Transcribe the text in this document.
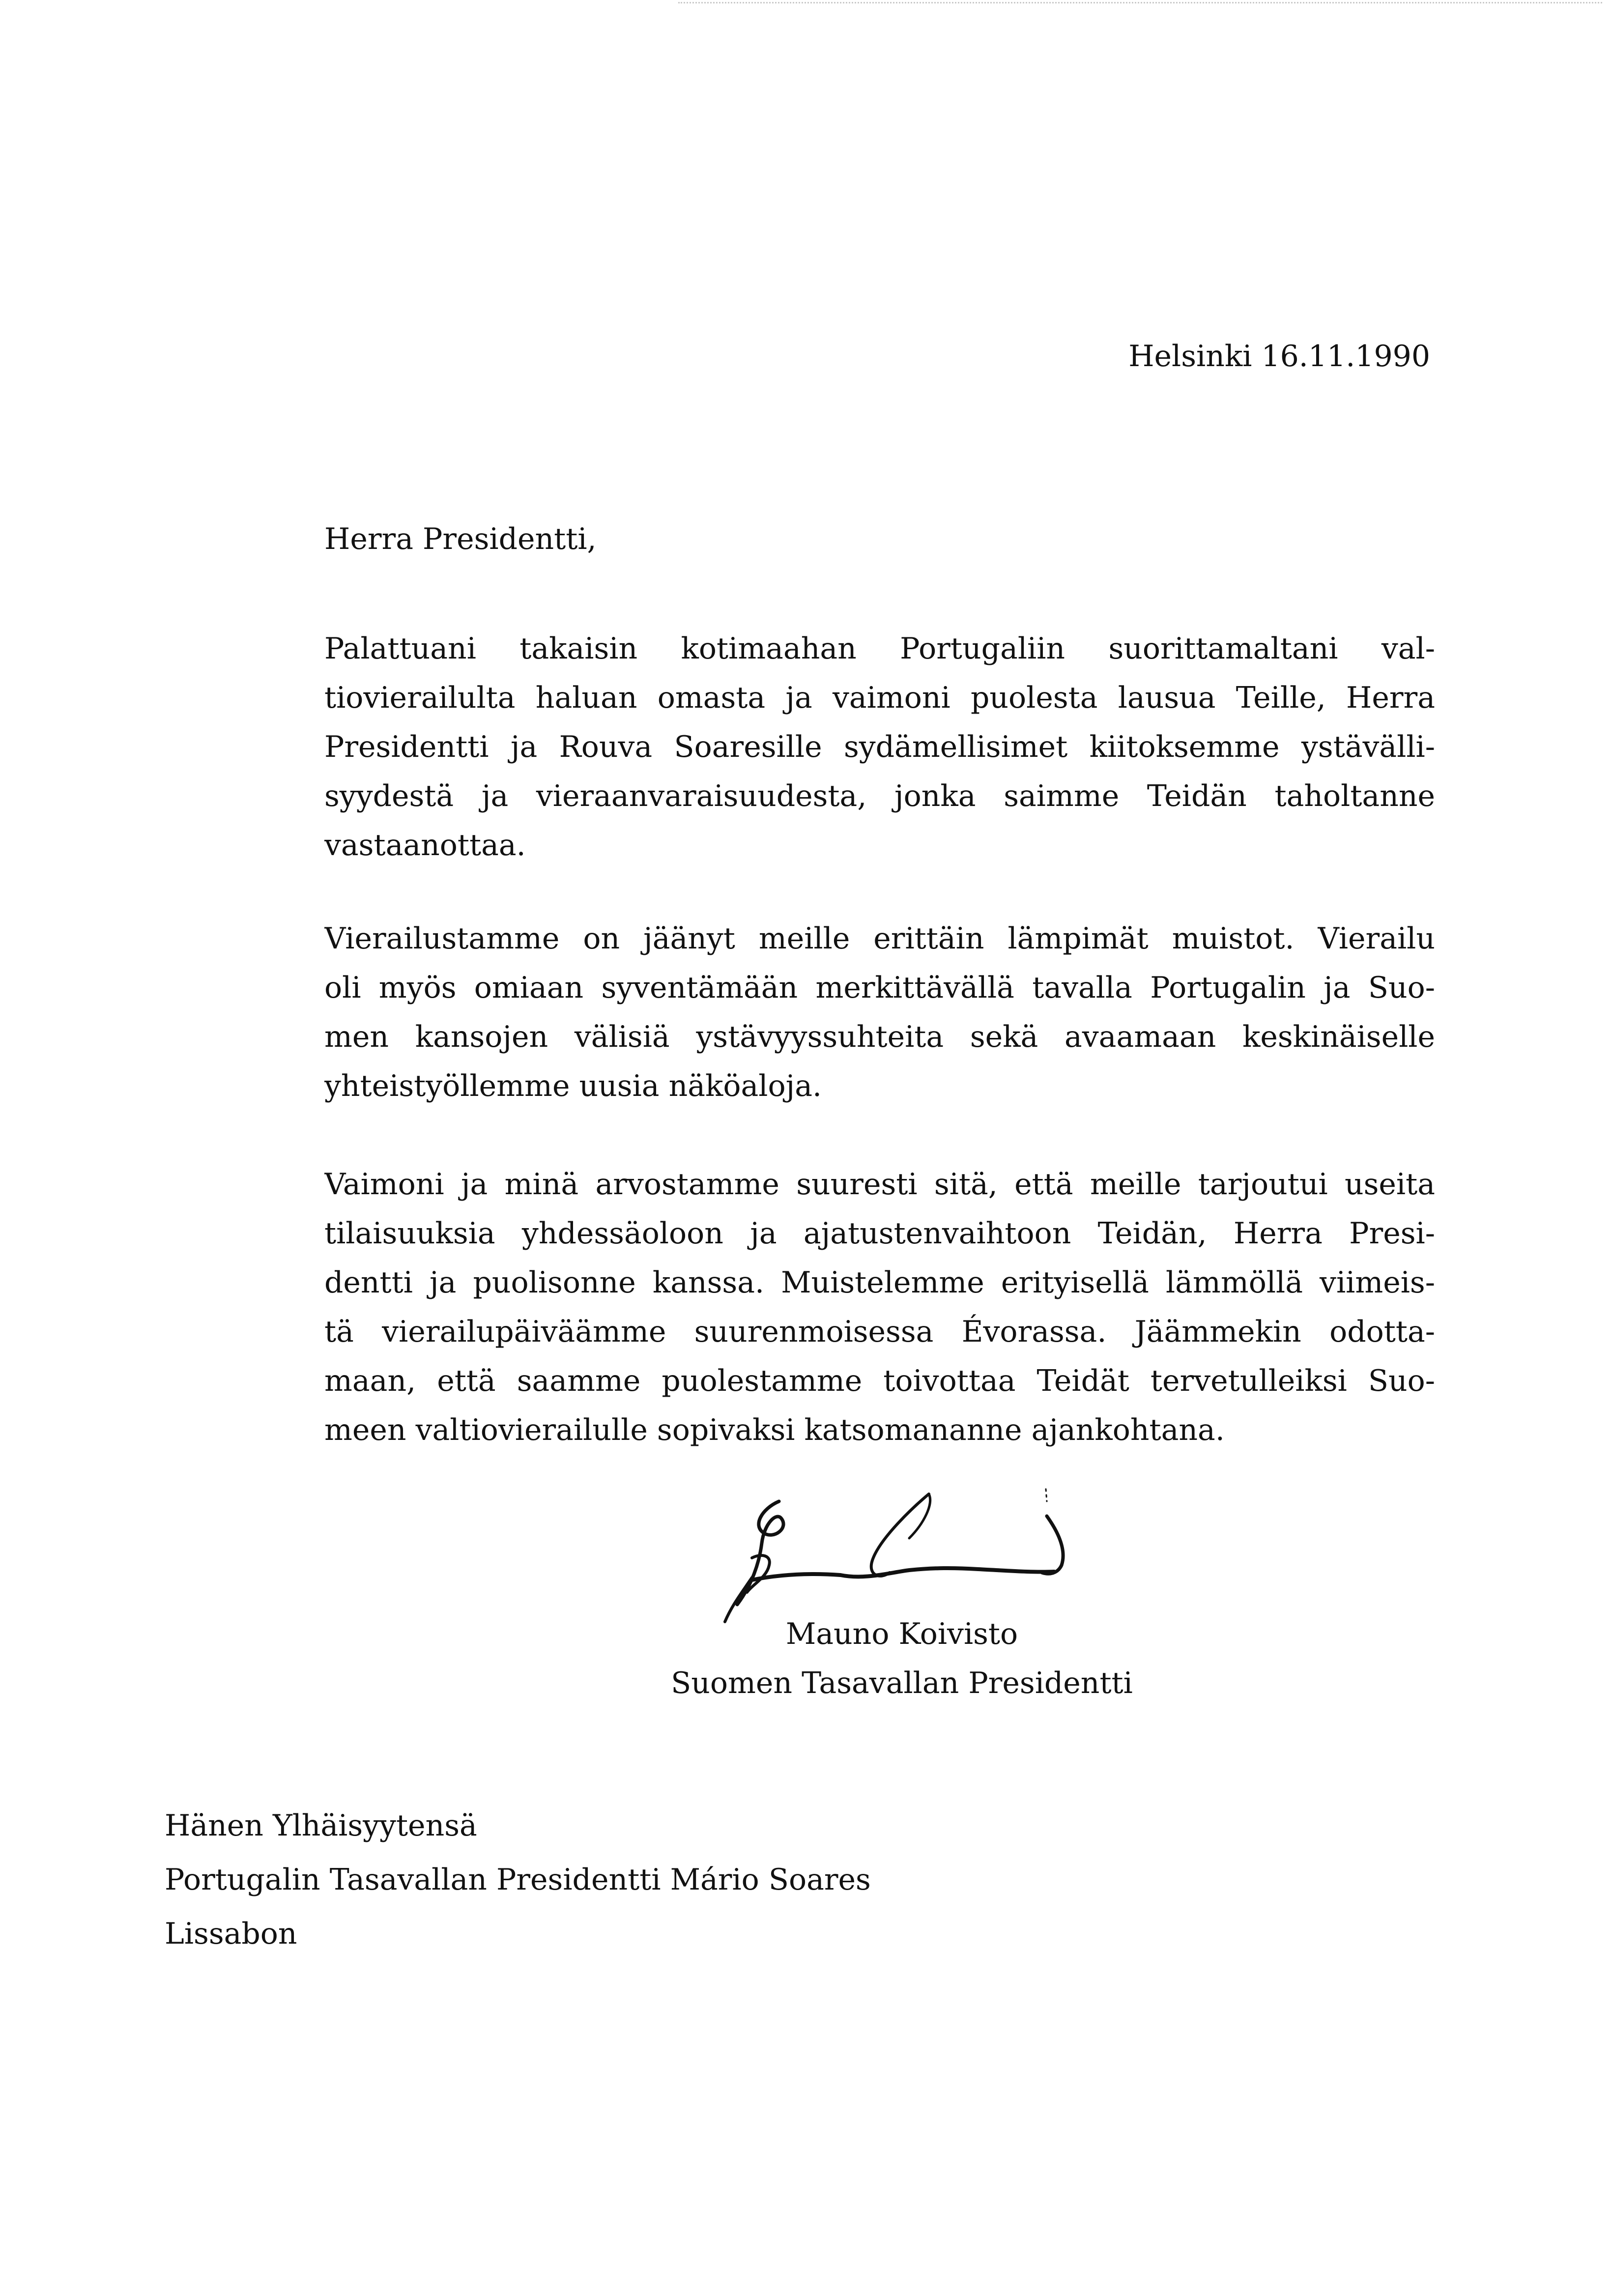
Helsinki 16.11.1990
Herra Presidentti,
Palattuani takaisin kotimaahan Portugaliin suorittamaltani val-
tiovierailulta haluan omasta ja vaimoni puolesta lausua Teille, Herra
Presidentti ja Rouva Soaresille sydämellisimet kiitoksemme ystävälli-
syydestä ja vieraanvaraisuudesta, jonka saimme Teidän taholtanne
vastaanottaa.
Vierailustamme on jäänyt meille erittäin lämpimät muistot. Vierailu
oli myös omiaan syventämään merkittävällä tavalla Portugalin ja Suo-
men kansojen välisiä ystävyyssuhteita sekä avaamaan keskinäiselle
yhteistyöllemme uusia näköaloja.
Vaimoni ja minä arvostamme suuresti sitä, että meille tarjoutui useita
tilaisuuksia yhdessäoloon ja ajatustenvaihtoon Teidän, Herra Presi-
dentti ja puolisonne kanssa. Muistelemme erityisellä lämmöllä viimeis-
tä vierailupäiväämme suurenmoisessa Évorassa. Jäämmekin odotta-
maan, että saamme puolestamme toivottaa Teidät tervetulleiksi Suo-
meen valtiovierailulle sopivaksi katsomananne ajankohtana.
Mauno Koivisto
Suomen Tasavallan Presidentti
Hänen Ylhäisyytensä
Portugalin Tasavallan Presidentti Mário Soares
Lissabon
